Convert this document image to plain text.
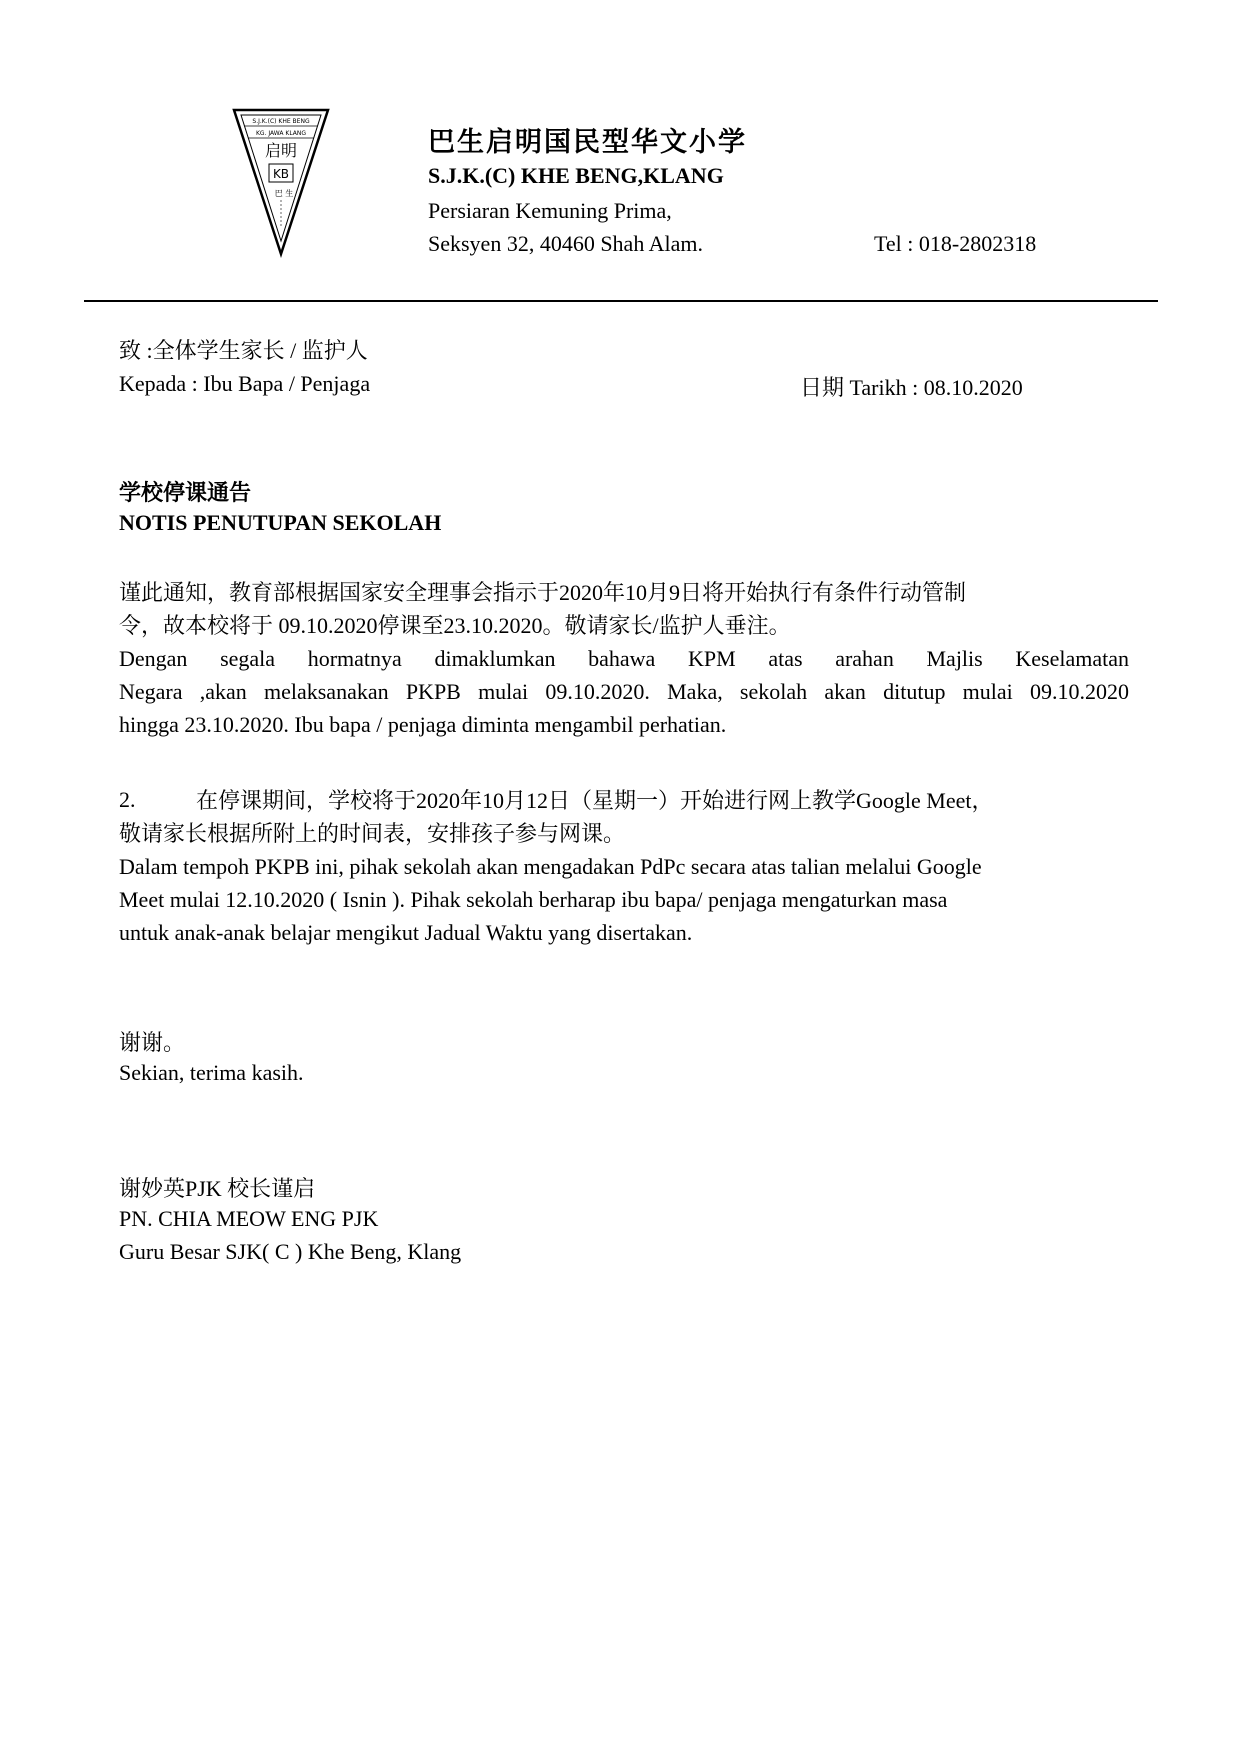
S.J.K.(C) KHE BENG
KG. JAWA KLANG
启明
KB
巴 生
巴生启明国民型华文小学
S.J.K.(C) KHE BENG,KLANG
Persiaran Kemuning Prima,
Seksyen 32, 40460 Shah Alam.	Tel : 018-2802318
致 :全体学生家长 / 监护人
Kepada : Ibu Bapa / Penjaga	日期 Tarikh : 08.10.2020
学校停课通告
NOTIS PENUTUPAN SEKOLAH
谨此通知，教育部根据国家安全理事会指示于2020年10月9日将开始执行有条件行动管制
令，故本校将于 09.10.2020停课至23.10.2020。敬请家长/监护人垂注。
Dengan segala hormatnya dimaklumkan bahawa KPM atas arahan Majlis Keselamatan
Negara ,akan melaksanakan PKPB mulai 09.10.2020. Maka, sekolah akan ditutup mulai 09.10.2020
hingga 23.10.2020. Ibu bapa / penjaga diminta mengambil perhatian.
2.	在停课期间，学校将于2020年10月12日（星期一）开始进行网上教学Google Meet，
敬请家长根据所附上的时间表，安排孩子参与网课。
Dalam tempoh PKPB ini, pihak sekolah akan mengadakan PdPc secara atas talian melalui Google
Meet mulai 12.10.2020 ( Isnin ). Pihak sekolah berharap ibu bapa/ penjaga mengaturkan masa
untuk anak-anak belajar mengikut Jadual Waktu yang disertakan.
谢谢。
Sekian, terima kasih.
谢妙英PJK 校长谨启
PN. CHIA MEOW ENG PJK
Guru Besar SJK( C ) Khe Beng, Klang
